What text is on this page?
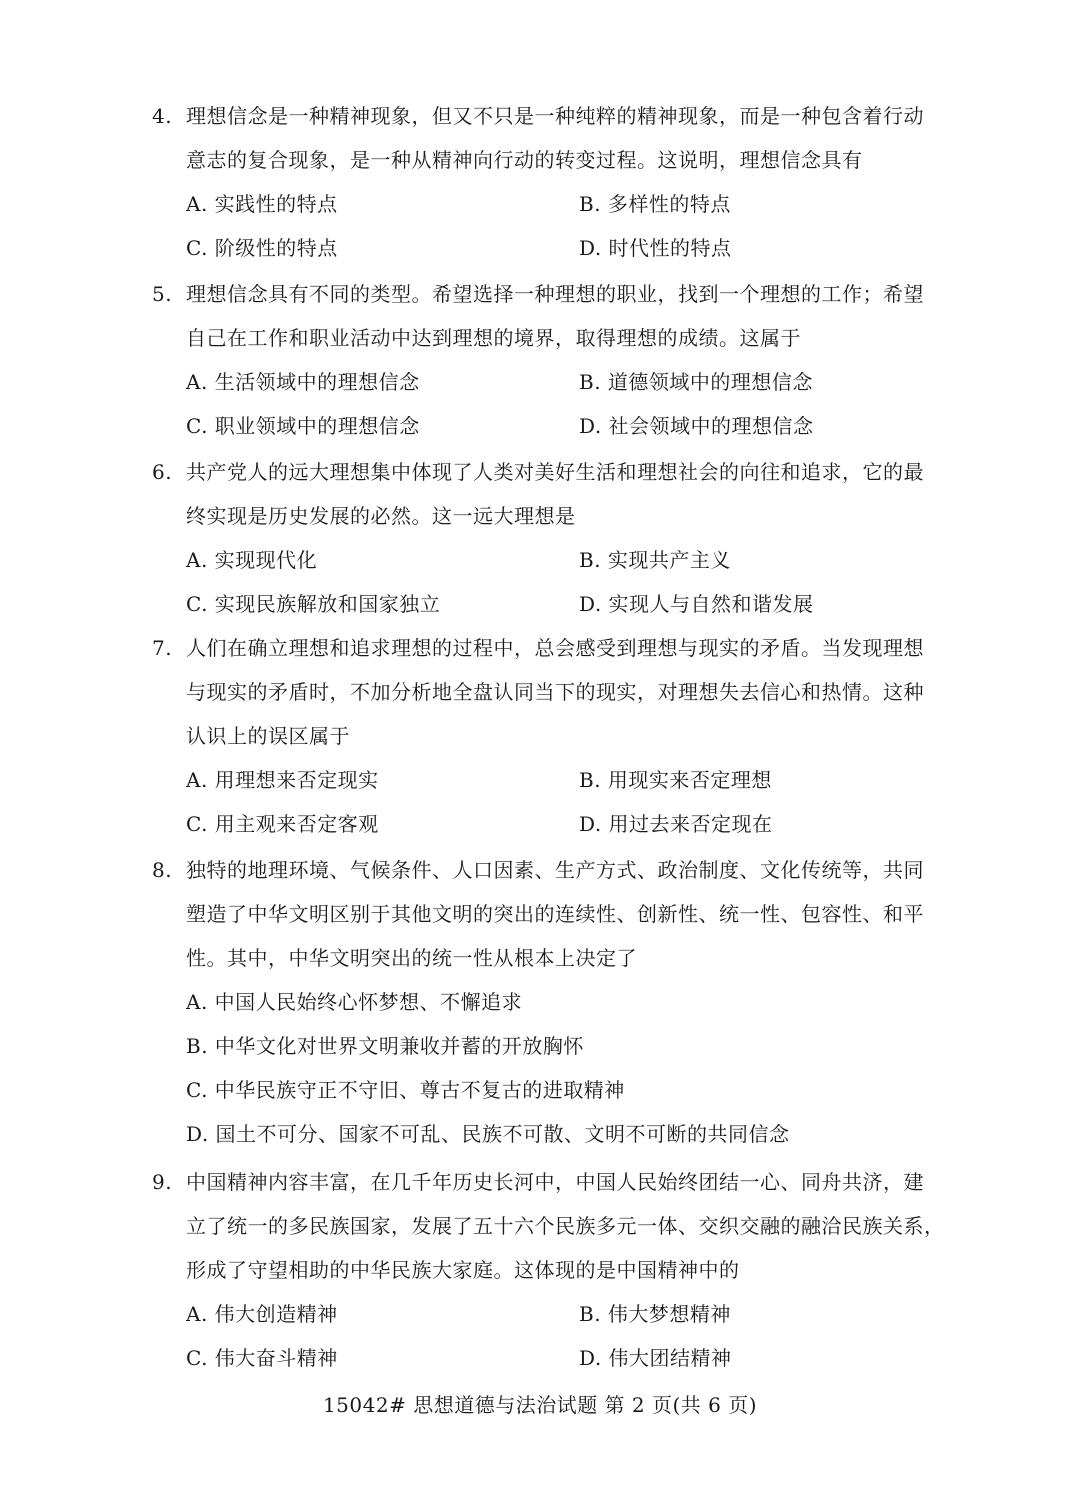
4. 理想信念是一种精神现象，但又不只是一种纯粹的精神现象，而是一种包含着行动
意志的复合现象，是一种从精神向行动的转变过程。这说明，理想信念具有
A. 实践性的特点	B. 多样性的特点
C. 阶级性的特点	D. 时代性的特点
5. 理想信念具有不同的类型。希望选择一种理想的职业，找到一个理想的工作；希望
自己在工作和职业活动中达到理想的境界，取得理想的成绩。这属于
A. 生活领域中的理想信念	B. 道德领域中的理想信念
C. 职业领域中的理想信念	D. 社会领域中的理想信念
6. 共产党人的远大理想集中体现了人类对美好生活和理想社会的向往和追求，它的最
终实现是历史发展的必然。这一远大理想是
A. 实现现代化	B. 实现共产主义
C. 实现民族解放和国家独立	D. 实现人与自然和谐发展
7. 人们在确立理想和追求理想的过程中，总会感受到理想与现实的矛盾。当发现理想
与现实的矛盾时，不加分析地全盘认同当下的现实，对理想失去信心和热情。这种
认识上的误区属于
A. 用理想来否定现实	B. 用现实来否定理想
C. 用主观来否定客观	D. 用过去来否定现在
8. 独特的地理环境、气候条件、人口因素、生产方式、政治制度、文化传统等，共同
塑造了中华文明区别于其他文明的突出的连续性、创新性、统一性、包容性、和平
性。其中，中华文明突出的统一性从根本上决定了
A. 中国人民始终心怀梦想、不懈追求
B. 中华文化对世界文明兼收并蓄的开放胸怀
C. 中华民族守正不守旧、尊古不复古的进取精神
D. 国土不可分、国家不可乱、民族不可散、文明不可断的共同信念
9. 中国精神内容丰富，在几千年历史长河中，中国人民始终团结一心、同舟共济，建
立了统一的多民族国家，发展了五十六个民族多元一体、交织交融的融洽民族关系，
形成了守望相助的中华民族大家庭。这体现的是中国精神中的
A. 伟大创造精神	B. 伟大梦想精神
C. 伟大奋斗精神	D. 伟大团结精神
15042# 思想道德与法治试题 第 2 页(共 6 页)
